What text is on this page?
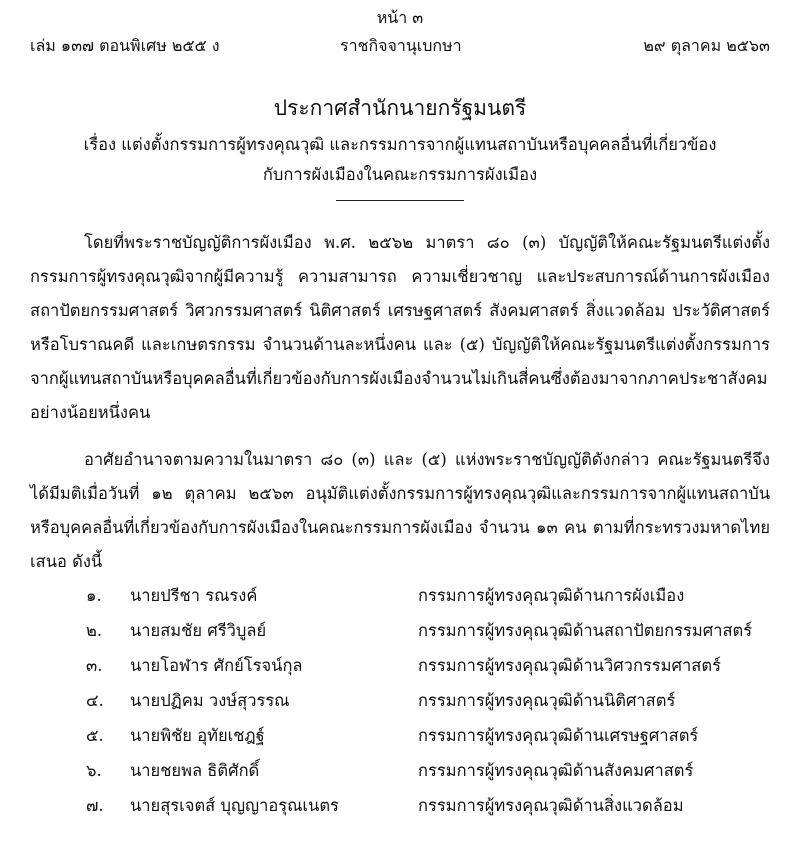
หน้า ๓
เล่ม ๑๓๗ ตอนพิเศษ ๒๕๕ ง	ราชกิจจานุเบกษา	๒๙ ตุลาคม ๒๕๖๓
ประกาศสำนักนายกรัฐมนตรี
เรื่อง แต่งตั้งกรรมการผู้ทรงคุณวุฒิ และกรรมการจากผู้แทนสถาบันหรือบุคคลอื่นที่เกี่ยวข้อง
กับการผังเมืองในคณะกรรมการผังเมือง
โดยที่พระราชบัญญัติการผังเมือง พ.ศ. ๒๕๖๒ มาตรา ๘๐ (๓) บัญญัติให้คณะรัฐมนตรีแต่งตั้งกรรมการผู้ทรงคุณวุฒิจากผู้มีความรู้ ความสามารถ ความเชี่ยวชาญ และประสบการณ์ด้านการผังเมือง สถาปัตยกรรมศาสตร์ วิศวกรรมศาสตร์ นิติศาสตร์ เศรษฐศาสตร์ สังคมศาสตร์ สิ่งแวดล้อม ประวัติศาสตร์หรือโบราณคดี และเกษตรกรรม จำนวนด้านละหนึ่งคน และ (๕) บัญญัติให้คณะรัฐมนตรีแต่งตั้งกรรมการจากผู้แทนสถาบันหรือบุคคลอื่นที่เกี่ยวข้องกับการผังเมืองจำนวนไม่เกินสี่คนซึ่งต้องมาจากภาคประชาสังคมอย่างน้อยหนึ่งคน
อาศัยอำนาจตามความในมาตรา ๘๐ (๓) และ (๕) แห่งพระราชบัญญัติดังกล่าว คณะรัฐมนตรีจึงได้มีมติเมื่อวันที่ ๑๒ ตุลาคม ๒๕๖๓ อนุมัติแต่งตั้งกรรมการผู้ทรงคุณวุฒิและกรรมการจากผู้แทนสถาบันหรือบุคคลอื่นที่เกี่ยวข้องกับการผังเมืองในคณะกรรมการผังเมือง จำนวน ๑๓ คน ตามที่กระทรวงมหาดไทยเสนอ ดังนี้
๑. นายปรีชา รณรงค์	กรรมการผู้ทรงคุณวุฒิด้านการผังเมือง
๒. นายสมชัย ศรีวิบูลย์	กรรมการผู้ทรงคุณวุฒิด้านสถาปัตยกรรมศาสตร์
๓. นายโอฬาร ศักย์โรจน์กุล	กรรมการผู้ทรงคุณวุฒิด้านวิศวกรรมศาสตร์
๔. นายปฏิคม วงษ์สุวรรณ	กรรมการผู้ทรงคุณวุฒิด้านนิติศาสตร์
๕. นายพิชัย อุทัยเชฎฐ์	กรรมการผู้ทรงคุณวุฒิด้านเศรษฐศาสตร์
๖. นายชยพล ธิติศักดิ์	กรรมการผู้ทรงคุณวุฒิด้านสังคมศาสตร์
๗. นายสุรเจตส์ บุญญาอรุณเนตร	กรรมการผู้ทรงคุณวุฒิด้านสิ่งแวดล้อม
